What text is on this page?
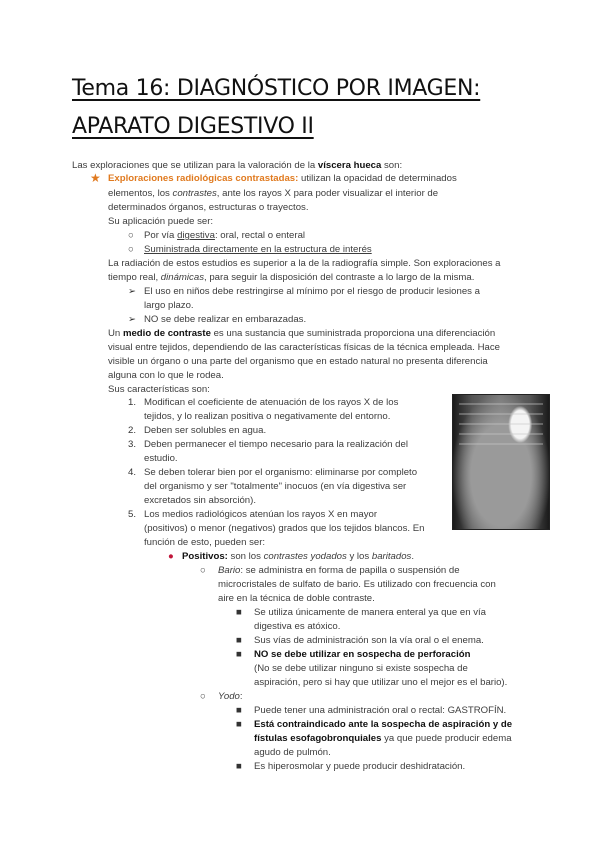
Tema 16: DIAGNÓSTICO POR IMAGEN:
APARATO DIGESTIVO II
Las exploraciones que se utilizan para la valoración de la víscera hueca son:
★ Exploraciones radiológicas contrastadas: utilizan la opacidad de determinados
elementos, los contrastes, ante los rayos X para poder visualizar el interior de
determinados órganos, estructuras o trayectos.
Su aplicación puede ser:
○ Por vía digestiva: oral, rectal o enteral
○ Suministrada directamente en la estructura de interés
La radiación de estos estudios es superior a la de la radiografía simple. Son exploraciones a
tiempo real, dinámicas, para seguir la disposición del contraste a lo largo de la misma.
➢ El uso en niños debe restringirse al mínimo por el riesgo de producir lesiones a
largo plazo.
➢ NO se debe realizar en embarazadas.
Un medio de contraste es una sustancia que suministrada proporciona una diferenciación
visual entre tejidos, dependiendo de las características físicas de la técnica empleada. Hace
visible un órgano o una parte del organismo que en estado natural no presenta diferencia
alguna con lo que le rodea.
Sus características son:
1. Modifican el coeficiente de atenuación de los rayos X de los
tejidos, y lo realizan positiva o negativamente del entorno.
2. Deben ser solubles en agua.
3. Deben permanecer el tiempo necesario para la realización del
estudio.
4. Se deben tolerar bien por el organismo: eliminarse por completo
del organismo y ser "totalmente" inocuos (en vía digestiva ser
excretados sin absorción).
5. Los medios radiológicos atenúan los rayos X en mayor
(positivos) o menor (negativos) grados que los tejidos blancos. En
función de esto, pueden ser:
● Positivos: son los contrastes yodados y los baritados.
○ Bario: se administra en forma de papilla o suspensión de
microcristales de sulfato de bario. Es utilizado con frecuencia con
aire en la técnica de doble contraste.
■ Se utiliza únicamente de manera enteral ya que en vía
digestiva es atóxico.
■ Sus vías de administración son la vía oral o el enema.
■ NO se debe utilizar en sospecha de perforación
(No se debe utilizar ninguno si existe sospecha de
aspiración, pero si hay que utilizar uno el mejor es el bario).
○ Yodo:
■ Puede tener una administración oral o rectal: GASTROFÍN.
■ Está contraindicado ante la sospecha de aspiración y de
fístulas esofagobronquiales ya que puede producir edema
agudo de pulmón.
■ Es hiperosmolar y puede producir deshidratación.
